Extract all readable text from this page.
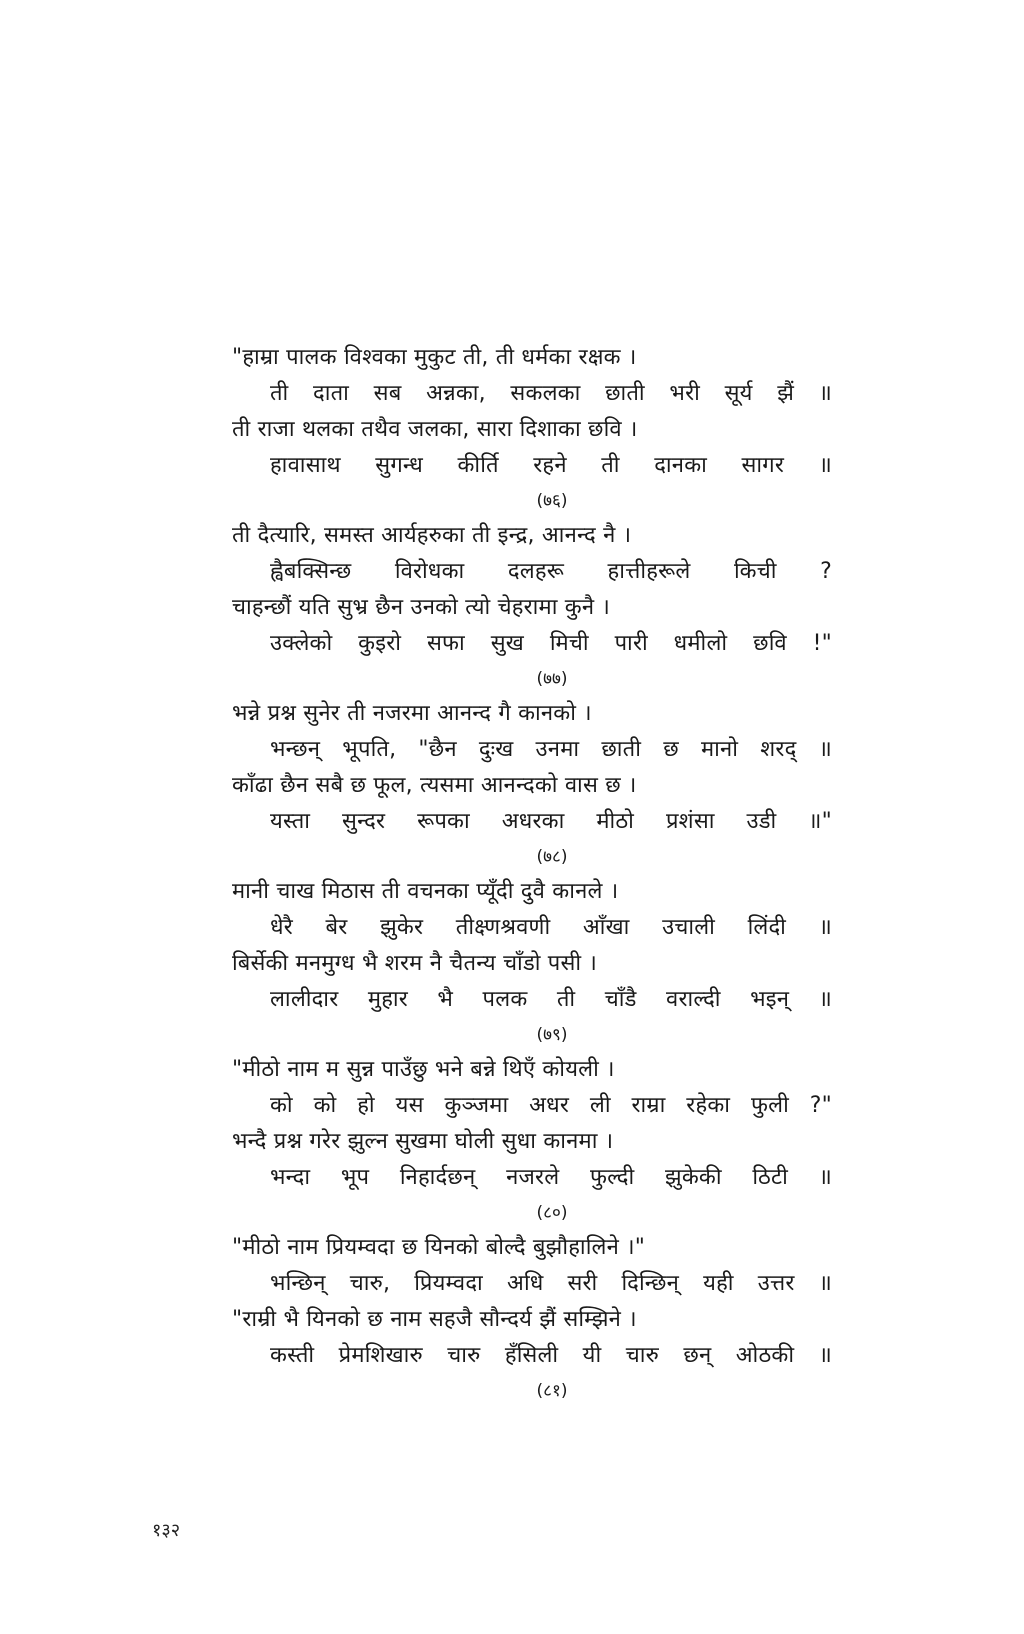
"हाम्रा पालक विश्वका मुकुट ती, ती धर्मका रक्षक ।
ती दाता सब अन्नका, सकलका छाती भरी सूर्य झैं ॥
ती राजा थलका तथैव जलका, सारा दिशाका छवि ।
हावासाथ सुगन्ध कीर्ति रहने ती दानका सागर ॥
(७६)
ती दैत्यारि, समस्त आर्यहरुका ती इन्द्र, आनन्द नै ।
ह्वैबक्सिन्छ विरोधका दलहरू हात्तीहरूले किची ?
चाहन्छौं यति सुभ्र छैन उनको त्यो चेहरामा कुनै ।
उक्लेको कुइरो सफा सुख मिची पारी धमीलो छवि !"
(७७)
भन्ने प्रश्न सुनेर ती नजरमा आनन्द गै कानको ।
भन्छन् भूपति, "छैन दुःख उनमा छाती छ मानो शरद् ॥
काँढा छैन सबै छ फूल, त्यसमा आनन्दको वास छ ।
यस्ता सुन्दर रूपका अधरका मीठो प्रशंसा उडी ॥"
(७८)
मानी चाख मिठास ती वचनका प्यूँदी दुवै कानले ।
धेरै बेर झुकेर तीक्ष्णश्रवणी आँखा उचाली लिंदी ॥
बिर्सेकी मनमुग्ध भै शरम नै चैतन्य चाँडो पसी ।
लालीदार मुहार भै पलक ती चाँडै वराल्दी भइन् ॥
(७९)
"मीठो नाम म सुन्न पाउँछु भने बन्ने थिएँ कोयली ।
को को हो यस कुञ्जमा अधर ली राम्रा रहेका फुली ?"
भन्दै प्रश्न गरेर झुल्न सुखमा घोली सुधा कानमा ।
भन्दा भूप निहार्दछन् नजरले फुल्दी झुकेकी ठिटी ॥
(८०)
"मीठो नाम प्रियम्वदा छ यिनको बोल्दै बुझौहालिने ।"
भन्छिन् चारु, प्रियम्वदा अधि सरी दिन्छिन् यही उत्तर ॥
"राम्री भै यिनको छ नाम सहजै सौन्दर्य झैं सम्झिने ।
कस्ती प्रेमशिखारु चारु हँसिली यी चारु छन् ओठकी ॥
(८१)
१३२
